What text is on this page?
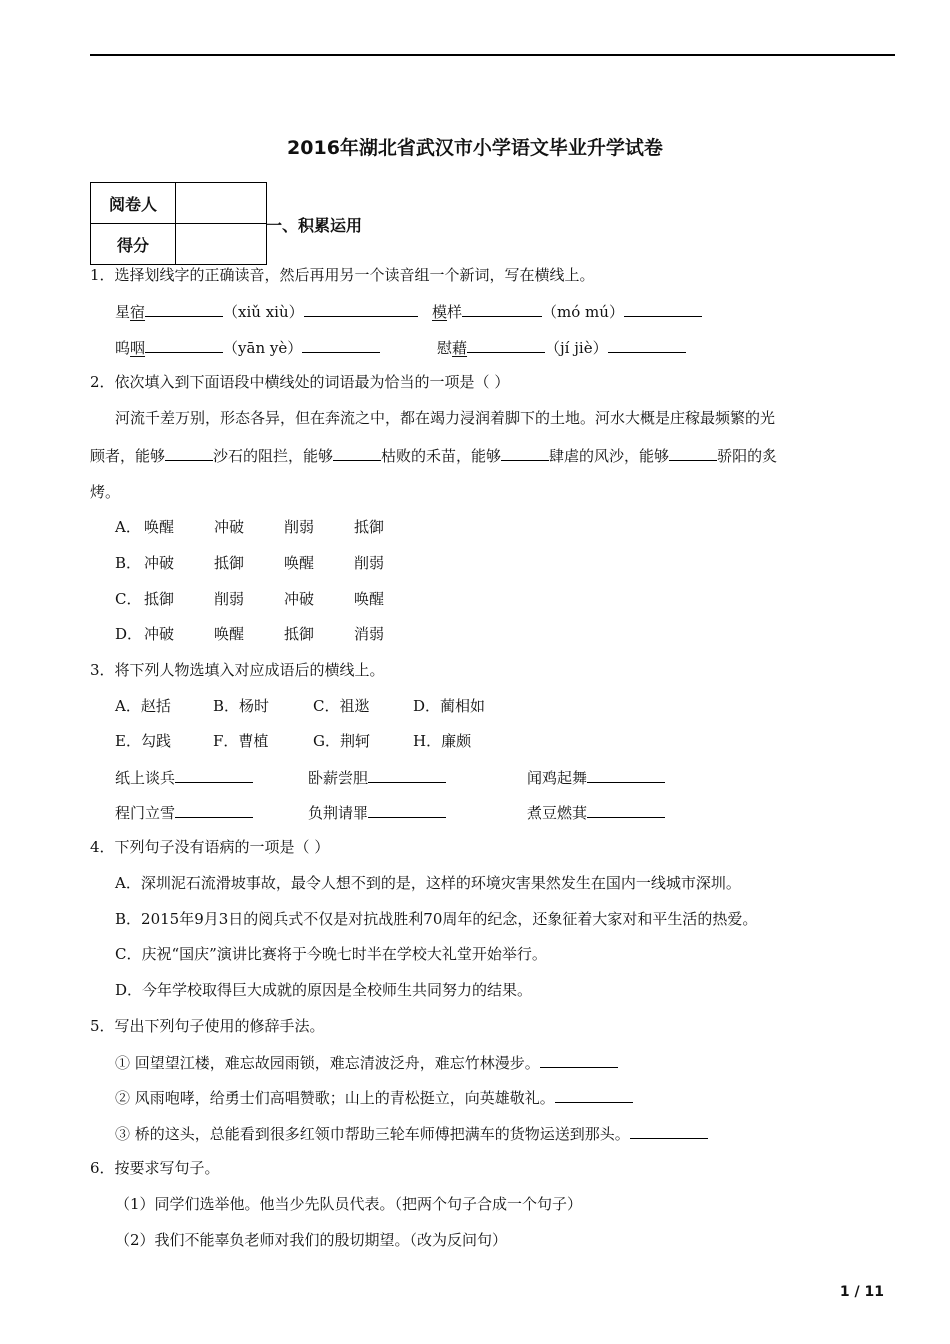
2016年湖北省武汉市小学语文毕业升学试卷
阅卷人	
得分	
一、积累运用
1．选择划线字的正确读音，然后再用另一个读音组一个新词，写在横线上。
星宿	（xiǔ xiù）	模样	（mó mú）
呜咽	（yān yè）	慰藉	（jí jiè）
2．依次填入到下面语段中横线处的词语最为恰当的一项是（ ）
河流千差万别，形态各异，但在奔流之中，都在竭力浸润着脚下的土地。河水大概是庄稼最频繁的光
顾者，能够	沙石的阻拦，能够	枯败的禾苗，能够	肆虐的风沙，能够	骄阳的炙
烤。
A． 唤醒	冲破	削弱	抵御
B． 冲破	抵御	唤醒	削弱
C． 抵御	削弱	冲破	唤醒
D． 冲破	唤醒	抵御	消弱
3．将下列人物选填入对应成语后的横线上。
A．赵括	B．杨时	C．祖逖	D．蔺相如
E．勾践	F．曹植	G．荆轲	H．廉颇
纸上谈兵	卧薪尝胆	闻鸡起舞
程门立雪	负荆请罪	煮豆燃萁
4．下列句子没有语病的一项是（ ）
A．深圳泥石流滑坡事故，最令人想不到的是，这样的环境灾害果然发生在国内一线城市深圳。
B．2015年9月3日的阅兵式不仅是对抗战胜利70周年的纪念，还象征着大家对和平生活的热爱。
C．庆祝“国庆”演讲比赛将于今晚七时半在学校大礼堂开始举行。
D．今年学校取得巨大成就的原因是全校师生共同努力的结果。
5．写出下列句子使用的修辞手法。
① 回望望江楼，难忘故园雨锁，难忘清波泛舟，难忘竹林漫步。
② 风雨咆哮，给勇士们高唱赞歌；山上的青松挺立，向英雄敬礼。
③ 桥的这头，总能看到很多红领巾帮助三轮车师傅把满车的货物运送到那头。
6．按要求写句子。
（1）同学们选举他。他当少先队员代表。（把两个句子合成一个句子）
（2）我们不能辜负老师对我们的殷切期望。（改为反问句）
1 / 11
